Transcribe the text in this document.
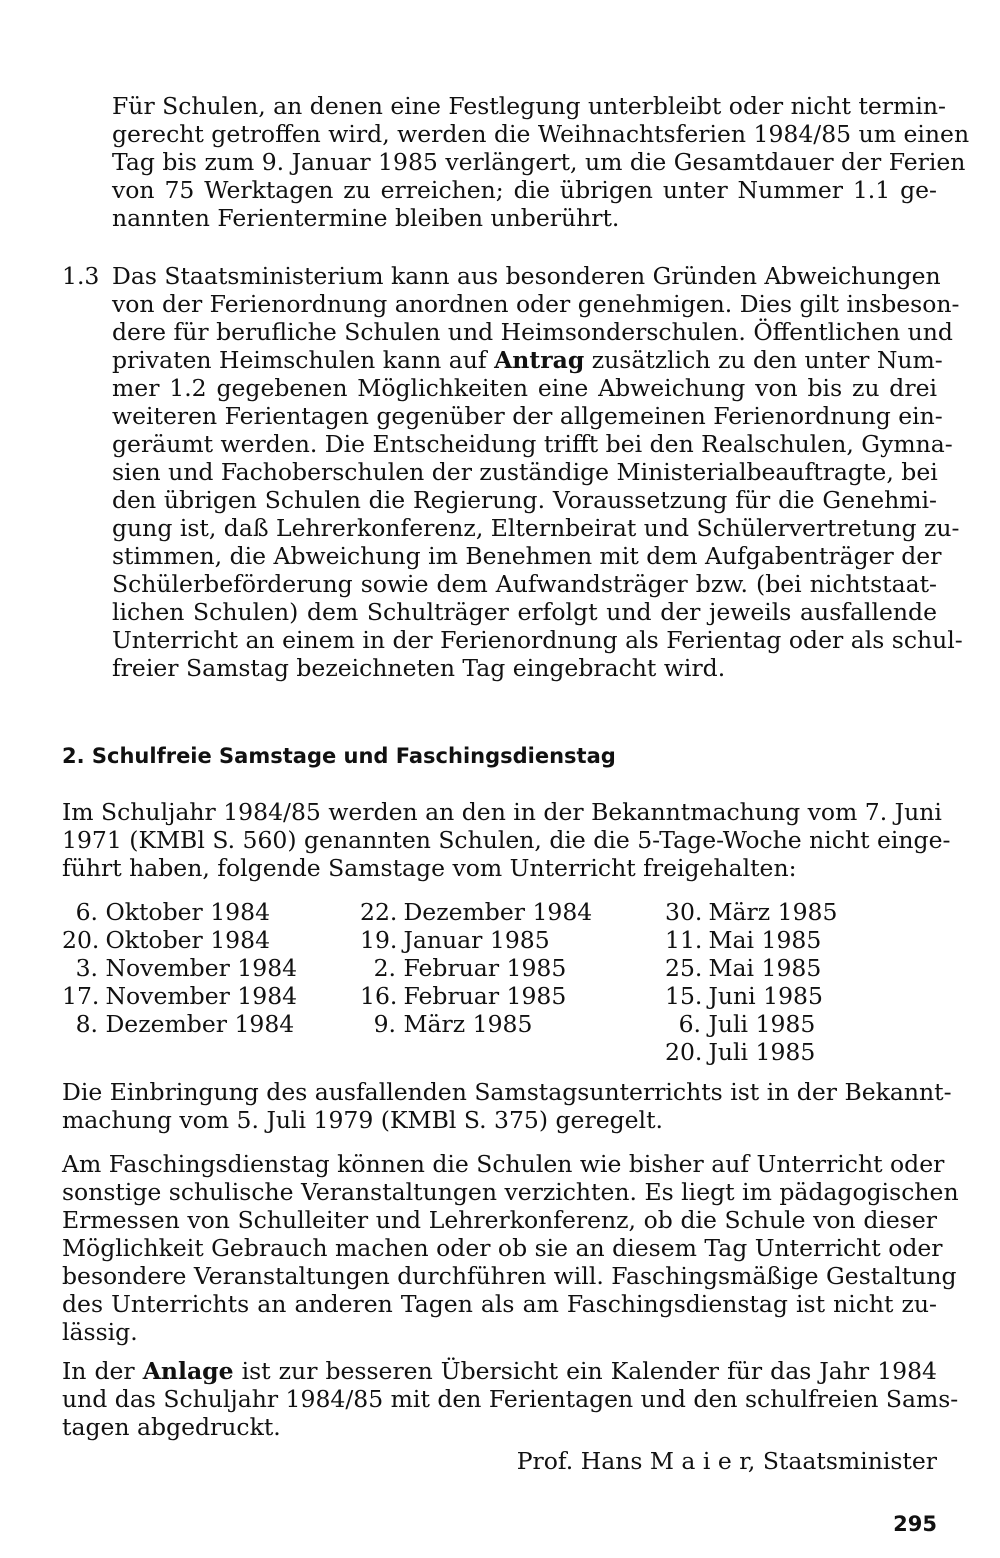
Für Schulen, an denen eine Festlegung unterbleibt oder nicht termin-
gerecht getroffen wird, werden die Weihnachtsferien 1984/85 um einen
Tag bis zum 9. Januar 1985 verlängert, um die Gesamtdauer der Ferien
von 75 Werktagen zu erreichen; die übrigen unter Nummer 1.1 ge-
nannten Ferientermine bleiben unberührt.
1.3 Das Staatsministerium kann aus besonderen Gründen Abweichungen
von der Ferienordnung anordnen oder genehmigen. Dies gilt insbeson-
dere für berufliche Schulen und Heimsonderschulen. Öffentlichen und
privaten Heimschulen kann auf Antrag zusätzlich zu den unter Num-
mer 1.2 gegebenen Möglichkeiten eine Abweichung von bis zu drei
weiteren Ferientagen gegenüber der allgemeinen Ferienordnung ein-
geräumt werden. Die Entscheidung trifft bei den Realschulen, Gymna-
sien und Fachoberschulen der zuständige Ministerialbeauftragte, bei
den übrigen Schulen die Regierung. Voraussetzung für die Genehmi-
gung ist, daß Lehrerkonferenz, Elternbeirat und Schülervertretung zu-
stimmen, die Abweichung im Benehmen mit dem Aufgabenträger der
Schülerbeförderung sowie dem Aufwandsträger bzw. (bei nichtstaat-
lichen Schulen) dem Schulträger erfolgt und der jeweils ausfallende
Unterricht an einem in der Ferienordnung als Ferientag oder als schul-
freier Samstag bezeichneten Tag eingebracht wird.
2. Schulfreie Samstage und Faschingsdienstag
Im Schuljahr 1984/85 werden an den in der Bekanntmachung vom 7. Juni
1971 (KMBl S. 560) genannten Schulen, die die 5-Tage-Woche nicht einge-
führt haben, folgende Samstage vom Unterricht freigehalten:
6. Oktober 1984
20. Oktober 1984
3. November 1984
17. November 1984
8. Dezember 1984
22. Dezember 1984
19. Januar 1985
2. Februar 1985
16. Februar 1985
9. März 1985
30. März 1985
11. Mai 1985
25. Mai 1985
15. Juni 1985
6. Juli 1985
20. Juli 1985
Die Einbringung des ausfallenden Samstagsunterrichts ist in der Bekannt-
machung vom 5. Juli 1979 (KMBl S. 375) geregelt.
Am Faschingsdienstag können die Schulen wie bisher auf Unterricht oder
sonstige schulische Veranstaltungen verzichten. Es liegt im pädagogischen
Ermessen von Schulleiter und Lehrerkonferenz, ob die Schule von dieser
Möglichkeit Gebrauch machen oder ob sie an diesem Tag Unterricht oder
besondere Veranstaltungen durchführen will. Faschingsmäßige Gestaltung
des Unterrichts an anderen Tagen als am Faschingsdienstag ist nicht zu-
lässig.
In der Anlage ist zur besseren Übersicht ein Kalender für das Jahr 1984
und das Schuljahr 1984/85 mit den Ferientagen und den schulfreien Sams-
tagen abgedruckt.
Prof. Hans M a i e r, Staatsminister
295
